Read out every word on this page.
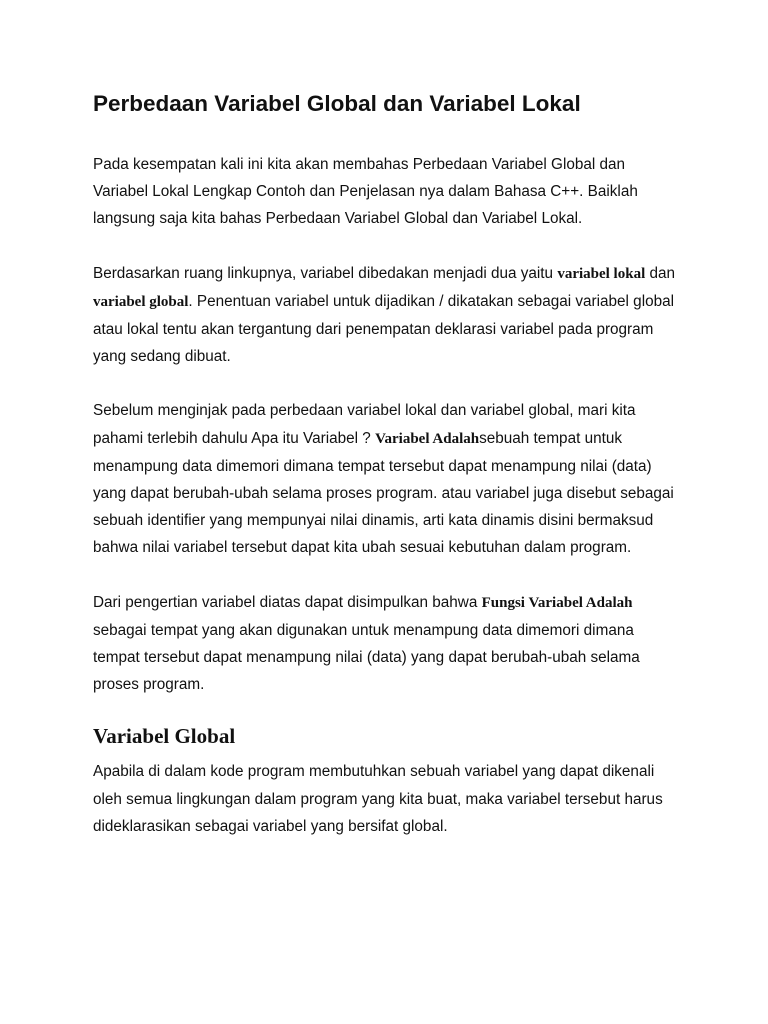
Perbedaan Variabel Global dan Variabel Lokal

Pada kesempatan kali ini kita akan membahas Perbedaan Variabel Global dan Variabel Lokal Lengkap Contoh dan Penjelasan nya dalam Bahasa C++. Baiklah langsung saja kita bahas Perbedaan Variabel Global dan Variabel Lokal.

Berdasarkan ruang linkupnya, variabel dibedakan menjadi dua yaitu variabel lokal dan variabel global. Penentuan variabel untuk dijadikan / dikatakan sebagai variabel global atau lokal tentu akan tergantung dari penempatan deklarasi variabel pada program yang sedang dibuat.

Sebelum menginjak pada perbedaan variabel lokal dan variabel global, mari kita pahami terlebih dahulu Apa itu Variabel ? Variabel Adalahsebuah tempat untuk menampung data dimemori dimana tempat tersebut dapat menampung nilai (data) yang dapat berubah-ubah selama proses program. atau variabel juga disebut sebagai sebuah identifier yang mempunyai nilai dinamis, arti kata dinamis disini bermaksud bahwa nilai variabel tersebut dapat kita ubah sesuai kebutuhan dalam program.

Dari pengertian variabel diatas dapat disimpulkan bahwa Fungsi Variabel Adalah sebagai tempat yang akan digunakan untuk menampung data dimemori dimana tempat tersebut dapat menampung nilai (data) yang dapat berubah-ubah selama proses program.

Variabel Global

Apabila di dalam kode program membutuhkan sebuah variabel yang dapat dikenali oleh semua lingkungan dalam program yang kita buat, maka variabel tersebut harus dideklarasikan sebagai variabel yang bersifat global.
